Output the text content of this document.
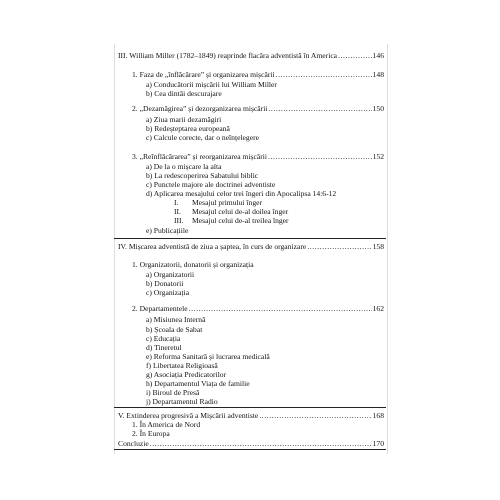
III. William Miller (1782–1849) reaprinde flacăra adventistă în America .....	146
1. Faza de „înflăcărare” și organizarea mișcării .....	148
a) Conducătorii mișcării lui William Miller
b) Cea dintâi descurajare
2. „Dezamăgirea” și dezorganizarea mișcării .....	150
a) Ziua marii dezamăgiri
b) Redeșteptarea europeană
c) Calcule corecte, dar o neînțelegere
3. „Reînflăcărarea” și reorganizarea mișcării .....	152
a) De la o mișcare la alta
b) La redescoperirea Sabatului biblic
c) Punctele majore ale doctrinei adventiste
d) Aplicarea mesajului celor trei îngeri din Apocalipsa 14:6-12
I. Mesajul primului înger
II. Mesajul celui de-al doilea înger
III. Mesajul celui de-al treilea înger
e) Publicațiile
IV. Mișcarea adventistă de ziua a șaptea, în curs de organizare .....	158
1. Organizatorii, donatorii și organizația
a) Organizatorii
b) Donatorii
c) Organizația
2. Departamentele .....	162
a) Misiunea Internă
b) Școala de Sabat
c) Educația
d) Tineretul
e) Reforma Sanitară și lucrarea medicală
f) Libertatea Religioasă
g) Asociația Predicatorilor
h) Departamentul Viața de familie
i) Biroul de Presă
j) Departamentul Radio
V. Extinderea progresivă a Mișcării adventiste .....	168
1. În America de Nord
2. În Europa
Concluzie .....	170
